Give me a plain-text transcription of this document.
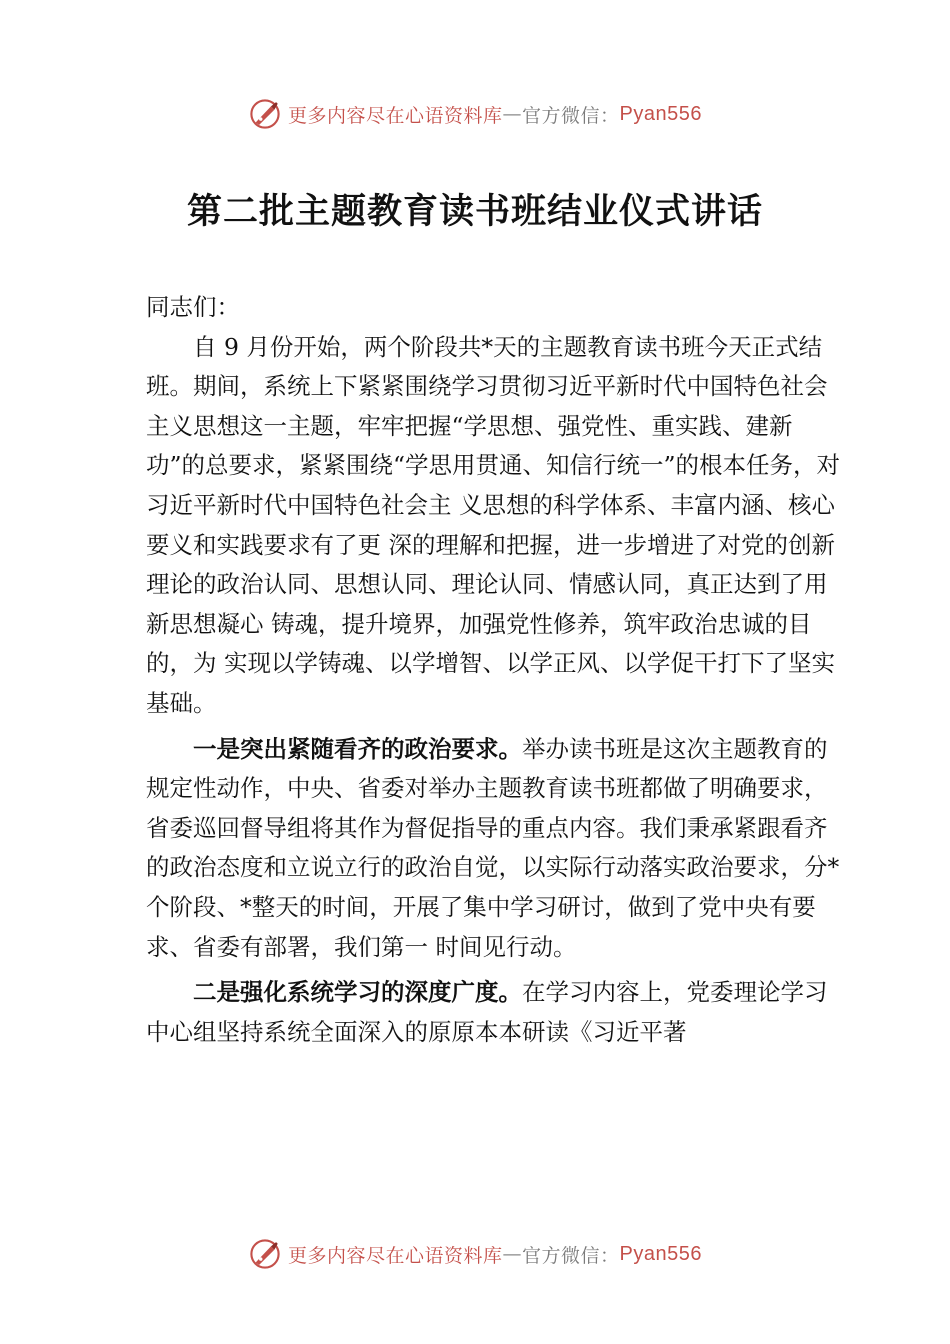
更多内容尽在心语资料库 — 官方微信： Pyan556
第二批主题教育读书班结业仪式讲话

同志们：

自 9 月份开始，两个阶段共*天的主题教育读书班今天正式结班。期间，系统上下紧紧围绕学习贯彻习近平新时代中国特色社会主义思想这一主题，牢牢把握“学思想、强党性、重实践、建新功”的总要求，紧紧围绕“学思用贯通、知信行统一”的根本任务，对习近平新时代中国特色社会主 义思想的科学体系、丰富内涵、核心要义和实践要求有了更 深的理解和把握，进一步增进了对党的创新理论的政治认同、思想认同、理论认同、情感认同，真正达到了用新思想凝心 铸魂，提升境界，加强党性修养，筑牢政治忠诚的目的，为 实现以学铸魂、以学增智、以学正风、以学促干打下了坚实 基础。

一是突出紧随看齐的政治要求。举办读书班是这次主题教育的规定性动作，中央、省委对举办主题教育读书班都做了明确要求，省委巡回督导组将其作为督促指导的重点内容。我们秉承紧跟看齐的政治态度和立说立行的政治自觉，以实际行动落实政治要求，分*个阶段、*整天的时间，开展了集中学习研讨，做到了党中央有要求、省委有部署，我们第一 时间见行动。

二是强化系统学习的深度广度。在学习内容上，党委理论学习中心组坚持系统全面深入的原原本本研读《习近平著

更多内容尽在心语资料库 — 官方微信： Pyan556
